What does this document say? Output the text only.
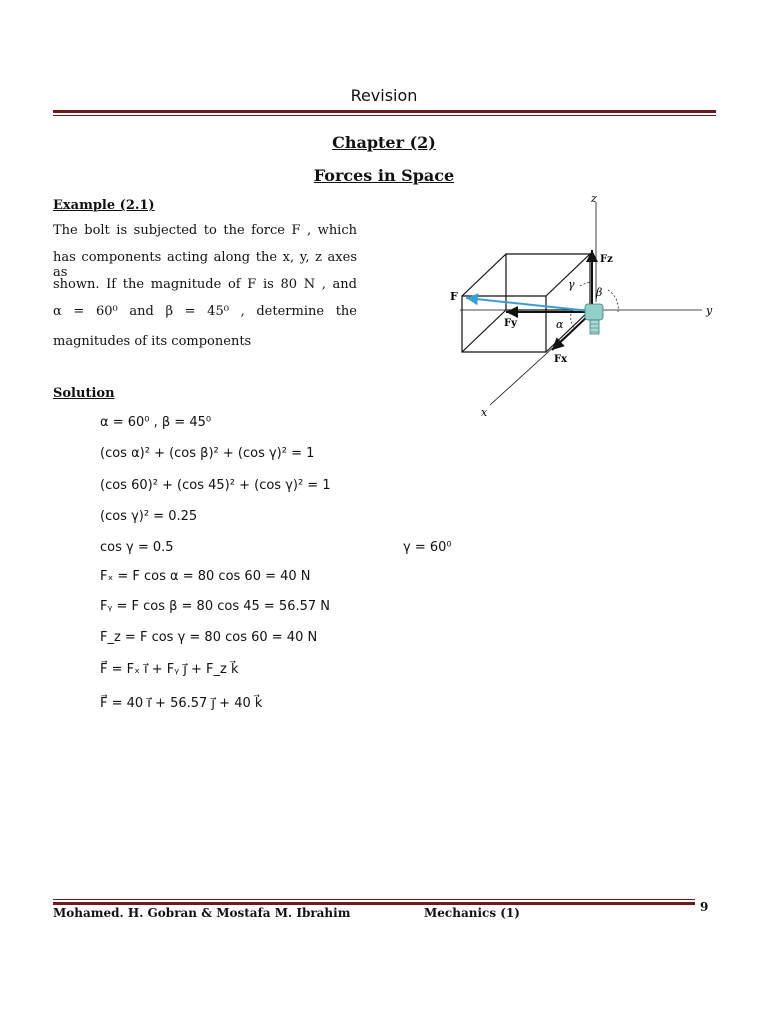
Revision
Chapter (2)
Forces in Space
Example (2.1)
The bolt is subjected to the force F , which
has components acting along the x, y, z axes as
shown. If the magnitude of F is 80 N , and
α = 60⁰ and β = 45⁰ , determine the
magnitudes of its components
z
y
x
F
Fz
Fy
Fx
α
β
γ
Solution
α = 60⁰ , β = 45⁰
(cos α)² + (cos β)² + (cos γ)² = 1
(cos 60)² + (cos 45)² + (cos γ)² = 1
(cos γ)² = 0.25
cos γ = 0.5	γ = 60⁰
Fₓ = F cos α = 80 cos 60 = 40 N
Fᵧ = F cos β = 80 cos 45 = 56.57 N
F_z = F cos γ = 80 cos 60 = 40 N
F⃗ = Fₓ i⃗ + Fᵧ j⃗ + F_z k⃗
F⃗ = 40 i⃗ + 56.57 j⃗ + 40 k⃗
Mohamed. H. Gobran & Mostafa M. Ibrahim	Mechanics (1)	9
